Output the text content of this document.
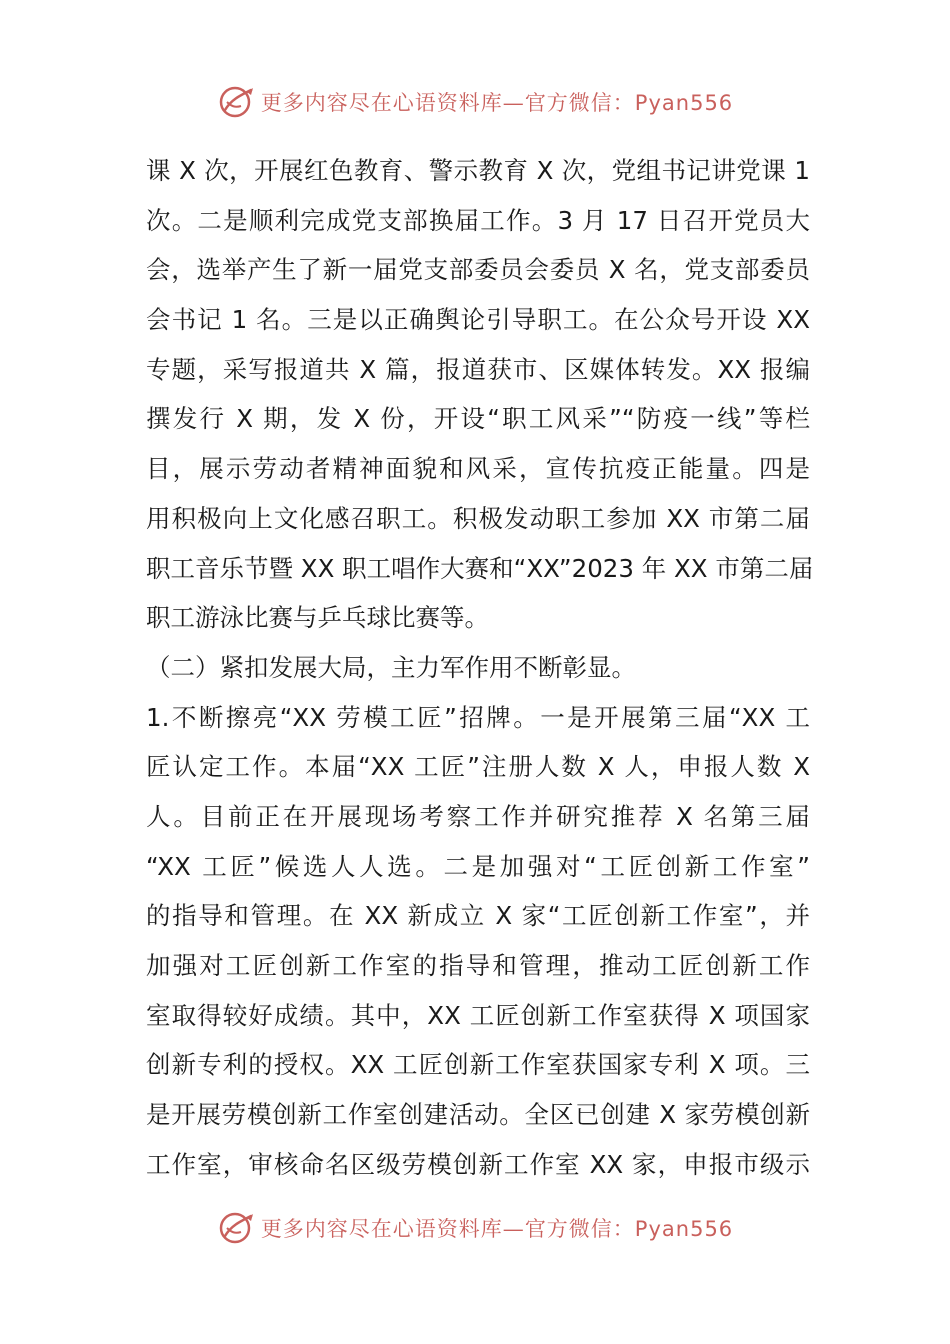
更多内容尽在心语资料库—官方微信：Pyan556
课 X 次，开展红色教育、警示教育 X 次，党组书记讲党课 1
次。二是顺利完成党支部换届工作。3 月 17 日召开党员大
会，选举产生了新一届党支部委员会委员 X 名，党支部委员
会书记 1 名。三是以正确舆论引导职工。在公众号开设 XX
专题，采写报道共 X 篇，报道获市、区媒体转发。XX 报编
撰发行 X 期，发 X 份，开设“职工风采”“防疫一线”等栏
目，展示劳动者精神面貌和风采，宣传抗疫正能量。四是
用积极向上文化感召职工。积极发动职工参加 XX 市第二届
职工音乐节暨 XX 职工唱作大赛和“XX”2023 年 XX 市第二届
职工游泳比赛与乒乓球比赛等。
（二）紧扣发展大局，主力军作用不断彰显。
1.不断擦亮“XX 劳模工匠”招牌。一是开展第三届“XX 工
匠认定工作。本届“XX 工匠”注册人数 X 人，申报人数 X
人。目前正在开展现场考察工作并研究推荐 X 名第三届
“XX 工匠”候选人人选。二是加强对“工匠创新工作室”
的指导和管理。在 XX 新成立 X 家“工匠创新工作室”，并
加强对工匠创新工作室的指导和管理，推动工匠创新工作
室取得较好成绩。其中，XX 工匠创新工作室获得 X 项国家
创新专利的授权。XX 工匠创新工作室获国家专利 X 项。三
是开展劳模创新工作室创建活动。全区已创建 X 家劳模创新
工作室，审核命名区级劳模创新工作室 XX 家，申报市级示
更多内容尽在心语资料库—官方微信：Pyan556
